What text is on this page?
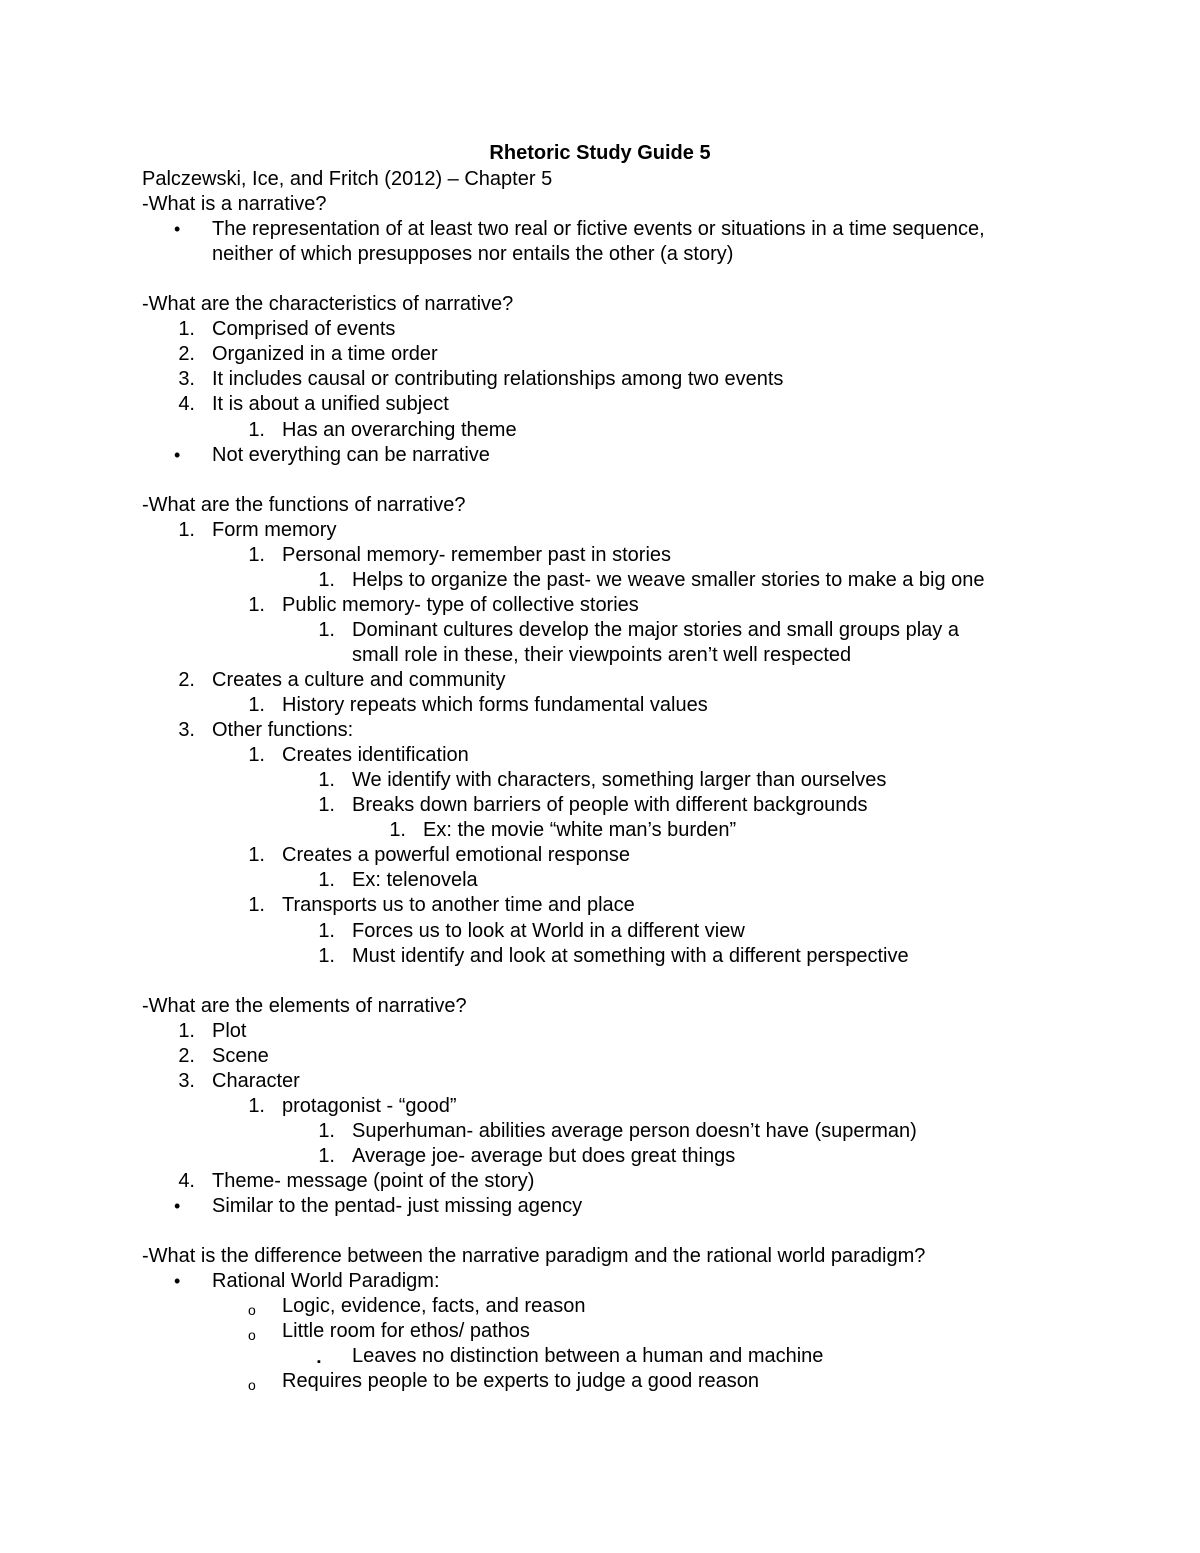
Rhetoric Study Guide 5
Palczewski, Ice, and Fritch (2012) – Chapter 5
-What is a narrative?
• The representation of at least two real or fictive events or situations in a time sequence,
neither of which presupposes nor entails the other (a story)
-What are the characteristics of narrative?
1. Comprised of events
2. Organized in a time order
3. It includes causal or contributing relationships among two events
4. It is about a unified subject
1. Has an overarching theme
• Not everything can be narrative
-What are the functions of narrative?
1. Form memory
1. Personal memory- remember past in stories
1. Helps to organize the past- we weave smaller stories to make a big one
1. Public memory- type of collective stories
1. Dominant cultures develop the major stories and small groups play a
small role in these, their viewpoints aren’t well respected
2. Creates a culture and community
1. History repeats which forms fundamental values
3. Other functions:
1. Creates identification
1. We identify with characters, something larger than ourselves
1. Breaks down barriers of people with different backgrounds
1. Ex: the movie “white man’s burden”
1. Creates a powerful emotional response
1. Ex: telenovela
1. Transports us to another time and place
1. Forces us to look at World in a different view
1. Must identify and look at something with a different perspective
-What are the elements of narrative?
1. Plot
2. Scene
3. Character
1. protagonist - “good”
1. Superhuman- abilities average person doesn’t have (superman)
1. Average joe- average but does great things
4. Theme- message (point of the story)
• Similar to the pentad- just missing agency
-What is the difference between the narrative paradigm and the rational world paradigm?
• Rational World Paradigm:
o Logic, evidence, facts, and reason
o Little room for ethos/ pathos
▪ Leaves no distinction between a human and machine
o Requires people to be experts to judge a good reason
